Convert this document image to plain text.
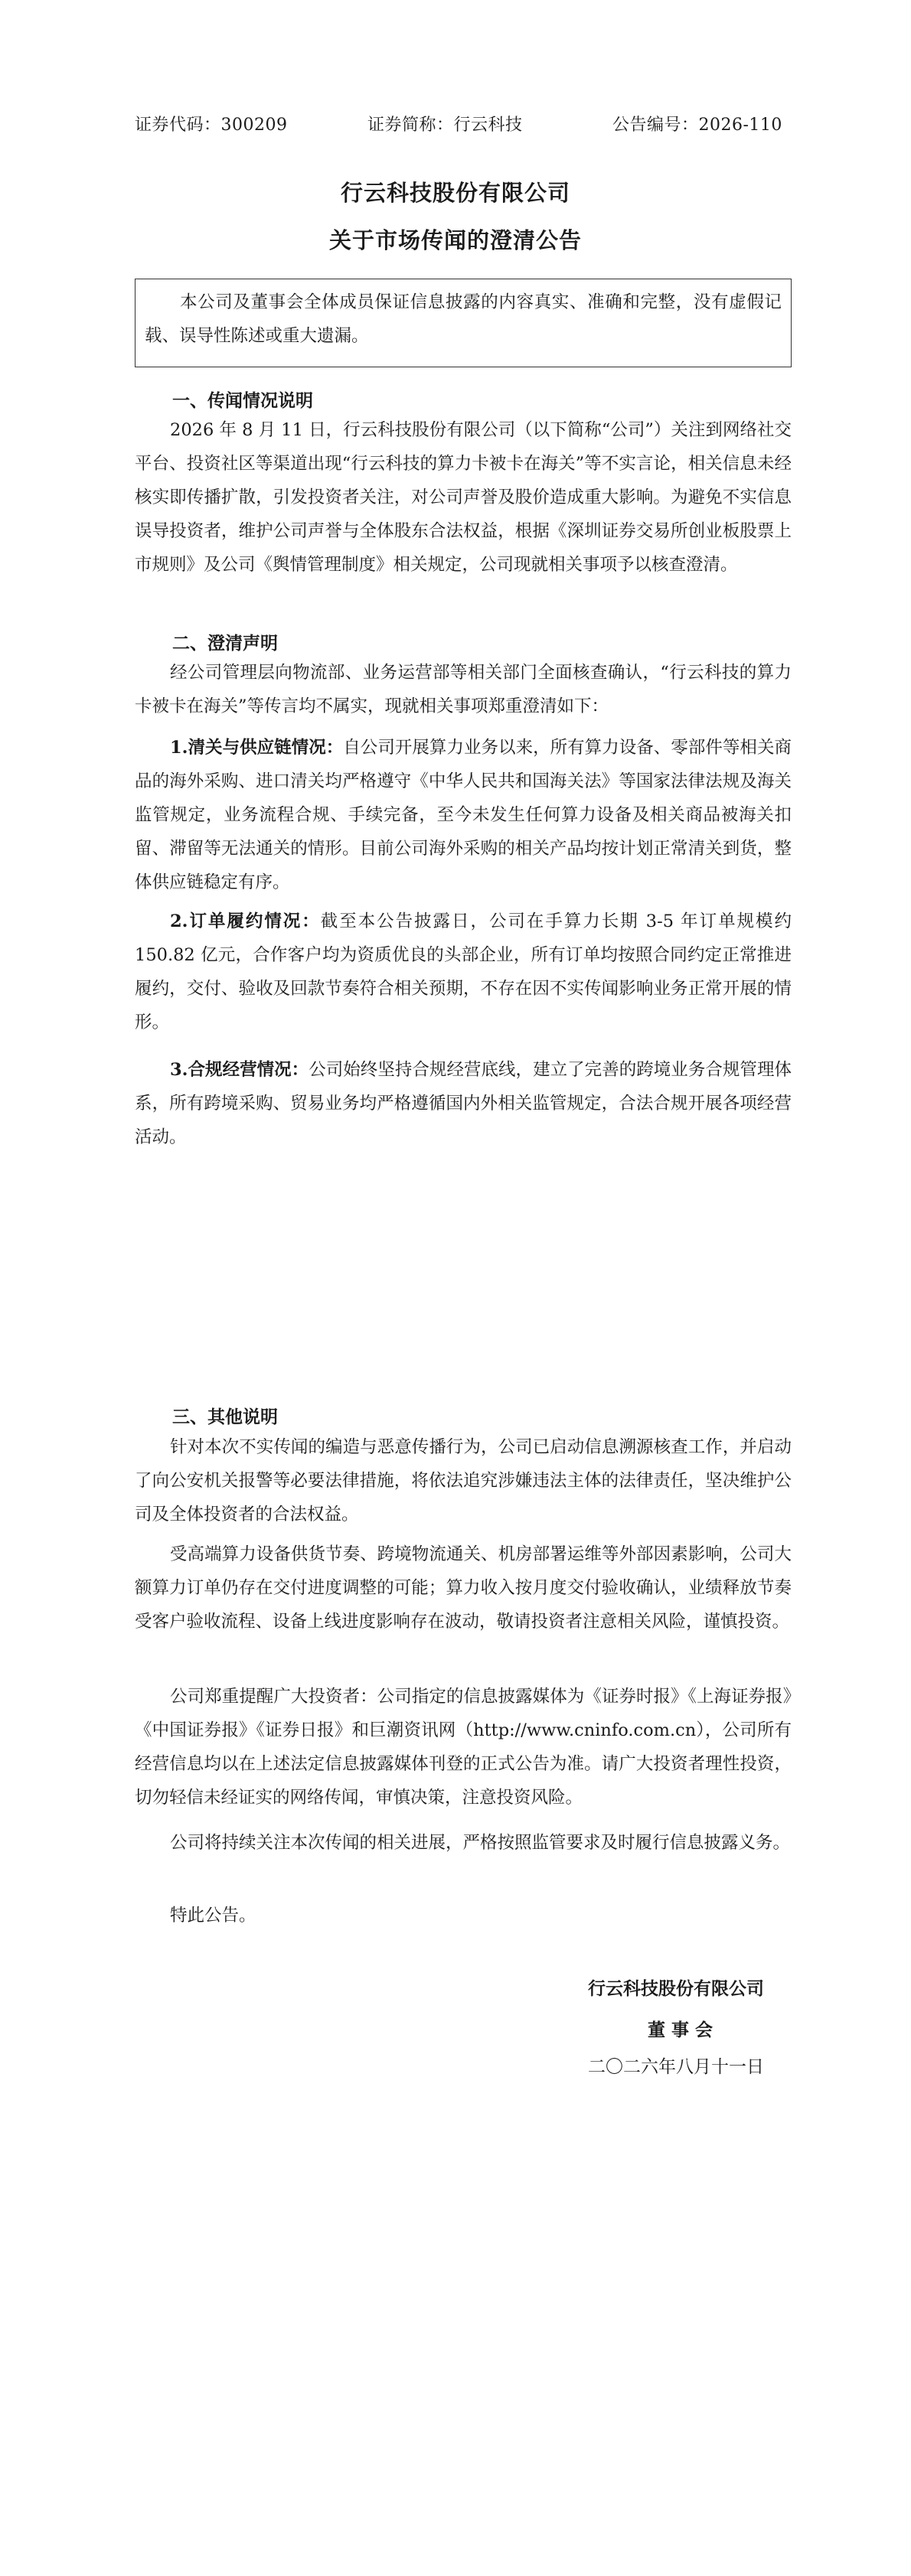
证券代码：300209	证券简称：行云科技	公告编号：2026-110
行云科技股份有限公司
关于市场传闻的澄清公告

本公司及董事会全体成员保证信息披露的内容真实、准确和完整，没有虚假记载、误导性陈述或重大遗漏。

一、传闻情况说明

2026 年 8 月 11 日，行云科技股份有限公司（以下简称“公司”）关注到网络社交平台、投资社区等渠道出现“行云科技的算力卡被卡在海关”等不实言论，相关信息未经核实即传播扩散，引发投资者关注，对公司声誉及股价造成重大影响。为避免不实信息误导投资者，维护公司声誉与全体股东合法权益，根据《深圳证券交易所创业板股票上市规则》及公司《舆情管理制度》相关规定，公司现就相关事项予以核查澄清。

二、澄清声明

经公司管理层向物流部、业务运营部等相关部门全面核查确认，“行云科技的算力卡被卡在海关”等传言均不属实，现就相关事项郑重澄清如下：

1.清关与供应链情况：自公司开展算力业务以来，所有算力设备、零部件等相关商品的海外采购、进口清关均严格遵守《中华人民共和国海关法》等国家法律法规及海关监管规定，业务流程合规、手续完备，至今未发生任何算力设备及相关商品被海关扣留、滞留等无法通关的情形。目前公司海外采购的相关产品均按计划正常清关到货，整体供应链稳定有序。

2.订单履约情况：截至本公告披露日，公司在手算力长期 3-5 年订单规模约 150.82 亿元，合作客户均为资质优良的头部企业，所有订单均按照合同约定正常推进履约，交付、验收及回款节奏符合相关预期，不存在因不实传闻影响业务正常开展的情形。

3.合规经营情况：公司始终坚持合规经营底线，建立了完善的跨境业务合规管理体系，所有跨境采购、贸易业务均严格遵循国内外相关监管规定，合法合规开展各项经营活动。

三、其他说明

针对本次不实传闻的编造与恶意传播行为，公司已启动信息溯源核查工作，并启动了向公安机关报警等必要法律措施，将依法追究涉嫌违法主体的法律责任，坚决维护公司及全体投资者的合法权益。

受高端算力设备供货节奏、跨境物流通关、机房部署运维等外部因素影响，公司大额算力订单仍存在交付进度调整的可能；算力收入按月度交付验收确认，业绩释放节奏受客户验收流程、设备上线进度影响存在波动，敬请投资者注意相关风险，谨慎投资。

公司郑重提醒广大投资者：公司指定的信息披露媒体为《证券时报》《上海证券报》《中国证券报》《证券日报》和巨潮资讯网（http://www.cninfo.com.cn），公司所有经营信息均以在上述法定信息披露媒体刊登的正式公告为准。请广大投资者理性投资，切勿轻信未经证实的网络传闻，审慎决策，注意投资风险。

公司将持续关注本次传闻的相关进展，严格按照监管要求及时履行信息披露义务。

特此公告。

行云科技股份有限公司
董 事 会
二〇二六年八月十一日
